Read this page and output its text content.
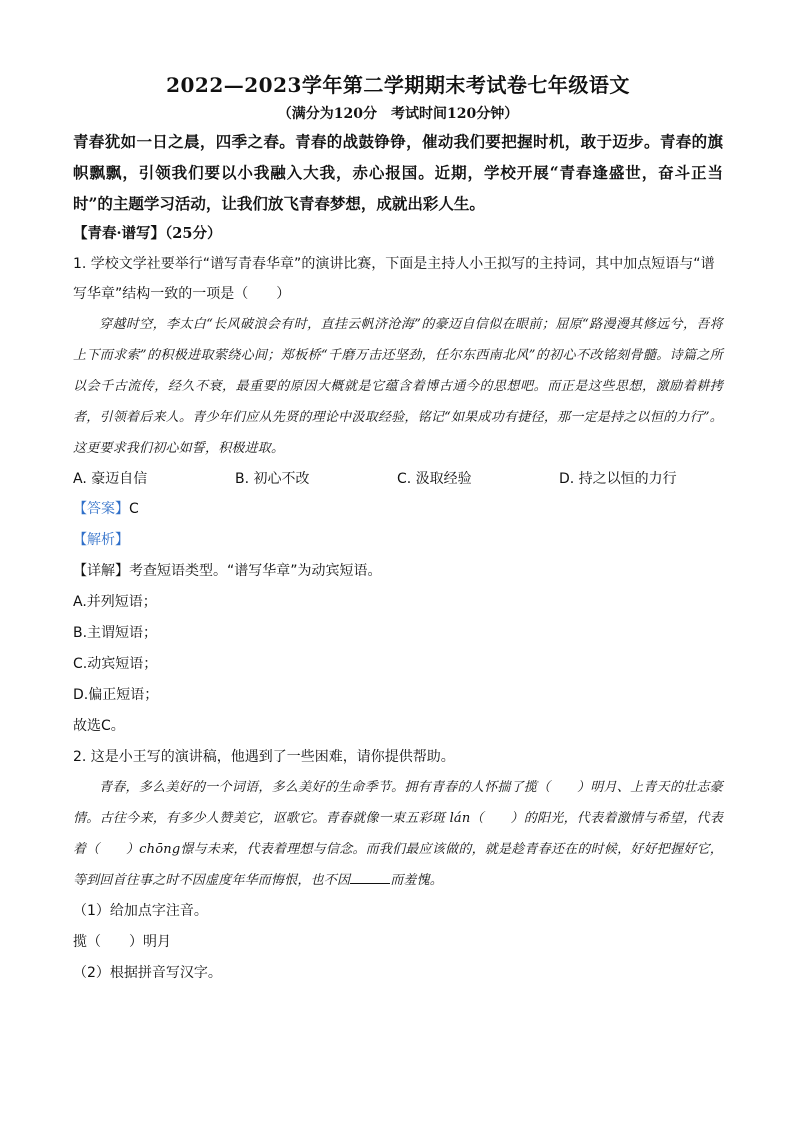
2022—2023学年第二学期期末考试卷七年级语文

（满分为120分　考试时间120分钟）

青春犹如一日之晨，四季之春。青春的战鼓铮铮，催动我们要把握时机，敢于迈步。青春的旗帜飘飘，引领我们要以小我融入大我，赤心报国。近期，学校开展“青春逢盛世，奋斗正当时”的主题学习活动，让我们放飞青春梦想，成就出彩人生。

【青春·谱写】（25分）

1. 学校文学社要举行“谱写青春华章”的演讲比赛，下面是主持人小王拟写的主持词，其中加点短语与“谱写华章”结构一致的一项是（　　）

穿越时空，李太白“长风破浪会有时，直挂云帆济沧海”的豪迈自信似在眼前；屈原“路漫漫其修远兮，吾将上下而求索”的积极进取萦绕心间；郑板桥“千磨万击还坚劲，任尔东西南北风”的初心不改铭刻骨髓。诗篇之所以会千古流传，经久不衰，最重要的原因大概就是它蕴含着博古通今的思想吧。而正是这些思想，激励着耕拷者，引领着后来人。青少年们应从先贤的理论中汲取经验，铭记“如果成功有捷径，那一定是持之以恒的力行”。这更要求我们初心如誓，积极进取。

A. 豪迈自信	B. 初心不改	C. 汲取经验	D. 持之以恒的力行

【答案】C

【解析】

【详解】考查短语类型。“谱写华章”为动宾短语。

A.并列短语；

B.主谓短语；

C.动宾短语；

D.偏正短语；

故选C。

2. 这是小王写的演讲稿，他遇到了一些困难，请你提供帮助。

青春，多么美好的一个词语，多么美好的生命季节。拥有青春的人怀揣了揽（　　）明月、上青天的壮志豪情。古往今来，有多少人赞美它，讴歌它。青春就像一束五彩斑 lán（　　）的阳光，代表着激情与希望，代表着（　　）chōng憬与未来，代表着理想与信念。而我们最应该做的，就是趁青春还在的时候，好好把握好它，等到回首往事之时不因虚度年华而悔恨，也不因	而羞愧。

（1）给加点字注音。

揽（　　）明月

（2）根据拼音写汉字。
